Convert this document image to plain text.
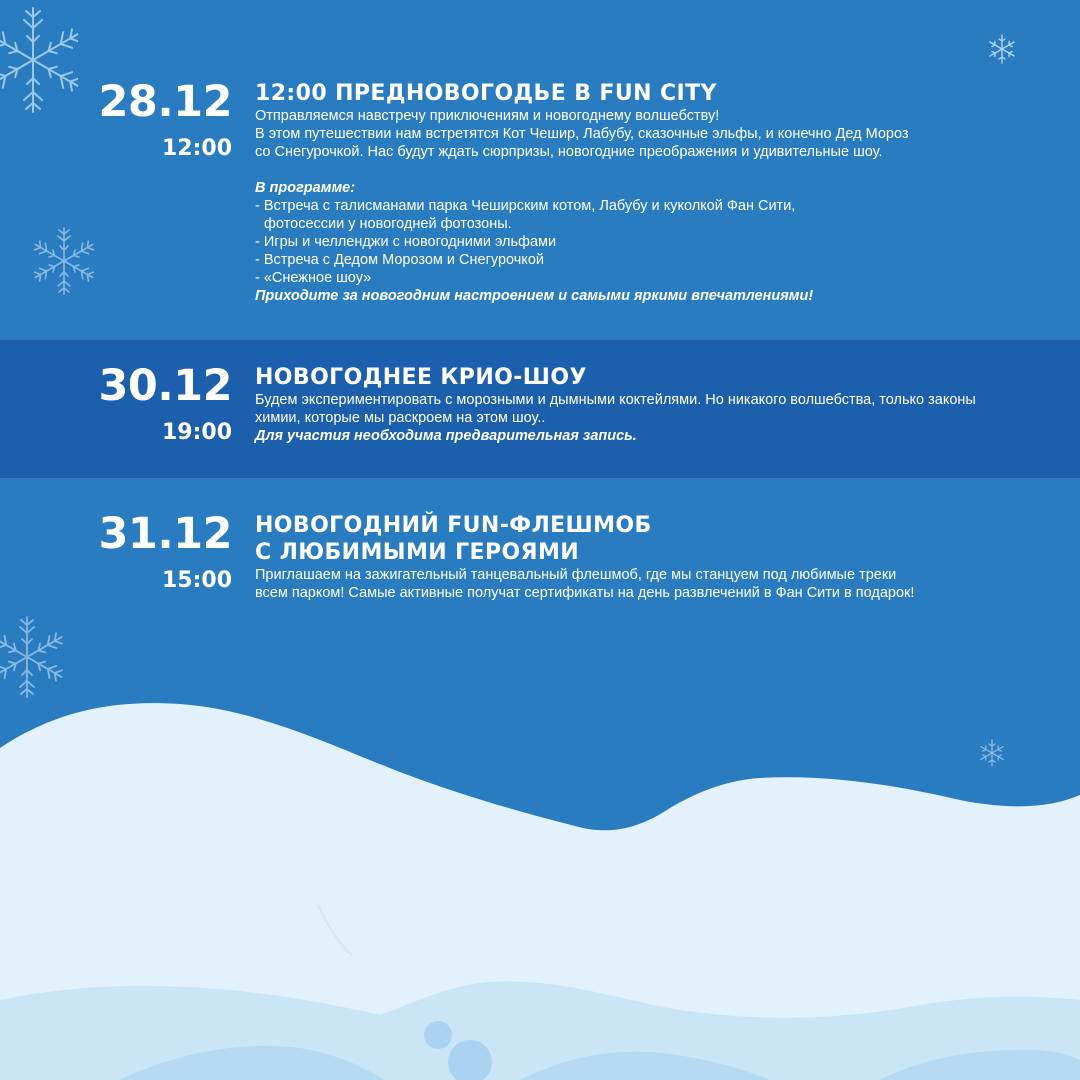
28.12
12:00
12:00 ПРЕДНОВОГОДЬЕ В FUN CITY
Отправляемся навстречу приключениям и новогоднему волшебству!
В этом путешествии нам встретятся Кот Чешир, Лабубу, сказочные эльфы, и конечно Дед Мороз
со Снегурочкой. Нас будут ждать сюрпризы, новогодние преображения и удивительные шоу.
В программе:
- Встреча с талисманами парка Чеширским котом, Лабубу и куколкой Фан Сити,
фотосессии у новогодней фотозоны.
- Игры и челленджи с новогодними эльфами
- Встреча с Дедом Морозом и Снегурочкой
- «Снежное шоу»
Приходите за новогодним настроением и самыми яркими впечатлениями!
30.12
19:00
НОВОГОДНЕЕ КРИО-ШОУ
Будем экспериментировать с морозными и дымными коктейлями. Но никакого волшебства, только законы
химии, которые мы раскроем на этом шоу..
Для участия необходима предварительная запись.
31.12
15:00
НОВОГОДНИЙ FUN-ФЛЕШМОБ
С ЛЮБИМЫМИ ГЕРОЯМИ
Приглашаем на зажигательный танцевальный флешмоб, где мы станцуем под любимые треки
всем парком! Самые активные получат сертификаты на день развлечений в Фан Сити в подарок!
